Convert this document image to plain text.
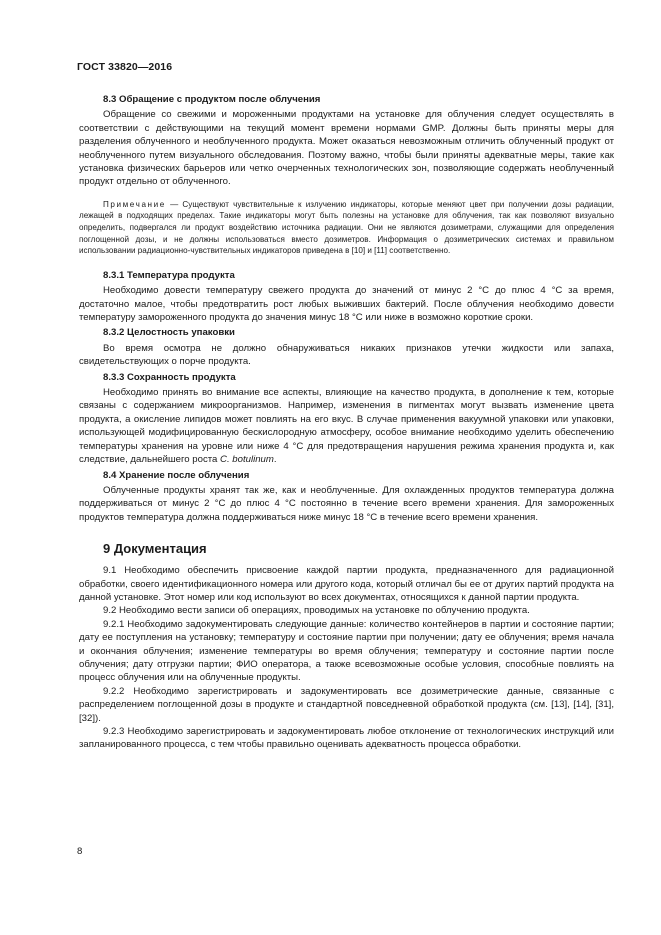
ГОСТ 33820—2016
8.3 Обращение с продуктом после облучения

Обращение со свежими и мороженными продуктами на установке для облучения следует осуществлять в соответствии с действующими на текущий момент времени нормами GMP. Должны быть приняты меры для разделения облученного и необлученного продукта. Может оказаться невозможным отличить облученный продукт от необлученного путем визуального обследования. Поэтому важно, чтобы были приняты адекватные меры, такие как установка физических барьеров или четко очерченных технологических зон, позволяющие содержать необлученный продукт отдельно от облученного.

Примечание — Существуют чувствительные к излучению индикаторы, которые меняют цвет при получении дозы радиации, лежащей в подходящих пределах. Такие индикаторы могут быть полезны на установке для облучения, так как позволяют визуально определить, подвергался ли продукт воздействию источника радиации. Они не являются дозиметрами, служащими для определения поглощенной дозы, и не должны использоваться вместо дозиметров. Информация о дозиметрических системах и правильном использовании радиационно-чувствительных индикаторов приведена в [10] и [11] соответственно.

8.3.1 Температура продукта

Необходимо довести температуру свежего продукта до значений от минус 2 °С до плюс 4 °С за время, достаточно малое, чтобы предотвратить рост любых выживших бактерий. После облучения необходимо довести температуру замороженного продукта до значения минус 18 °С или ниже в возможно короткие сроки.

8.3.2 Целостность упаковки

Во время осмотра не должно обнаруживаться никаких признаков утечки жидкости или запаха, свидетельствующих о порче продукта.

8.3.3 Сохранность продукта

Необходимо принять во внимание все аспекты, влияющие на качество продукта, в дополнение к тем, которые связаны с содержанием микроорганизмов. Например, изменения в пигментах могут вызвать изменение цвета продукта, а окисление липидов может повлиять на его вкус. В случае применения вакуумной упаковки или упаковки, использующей модифицированную бескислородную атмосферу, особое внимание необходимо уделить обеспечению температуры хранения на уровне или ниже 4 °С для предотвращения нарушения режима хранения продукта и, как следствие, дальнейшего роста C. botulinum.

8.4 Хранение после облучения

Облученные продукты хранят так же, как и необлученные. Для охлажденных продуктов температура должна поддерживаться от минус 2 °С до плюс 4 °С постоянно в течение всего времени хранения. Для замороженных продуктов температура должна поддерживаться ниже минус 18 °С в течение всего времени хранения.

9 Документация

9.1 Необходимо обеспечить присвоение каждой партии продукта, предназначенного для радиационной обработки, своего идентификационного номера или другого кода, который отличал бы ее от других партий продукта на данной установке. Этот номер или код используют во всех документах, относящихся к данной партии продукта.

9.2 Необходимо вести записи об операциях, проводимых на установке по облучению продукта.

9.2.1 Необходимо задокументировать следующие данные: количество контейнеров в партии и состояние партии; дату ее поступления на установку; температуру и состояние партии при получении; дату ее облучения; время начала и окончания облучения; изменение температуры во время облучения; температуру и состояние партии после облучения; дату отгрузки партии; ФИО оператора, а также всевозможные особые условия, способные повлиять на процесс облучения или на облученные продукты.

9.2.2 Необходимо зарегистрировать и задокументировать все дозиметрические данные, связанные с распределением поглощенной дозы в продукте и стандартной повседневной обработкой продукта (см. [13], [14], [31], [32]).

9.2.3 Необходимо зарегистрировать и задокументировать любое отклонение от технологических инструкций или запланированного процесса, с тем чтобы правильно оценивать адекватность процесса обработки.

8
